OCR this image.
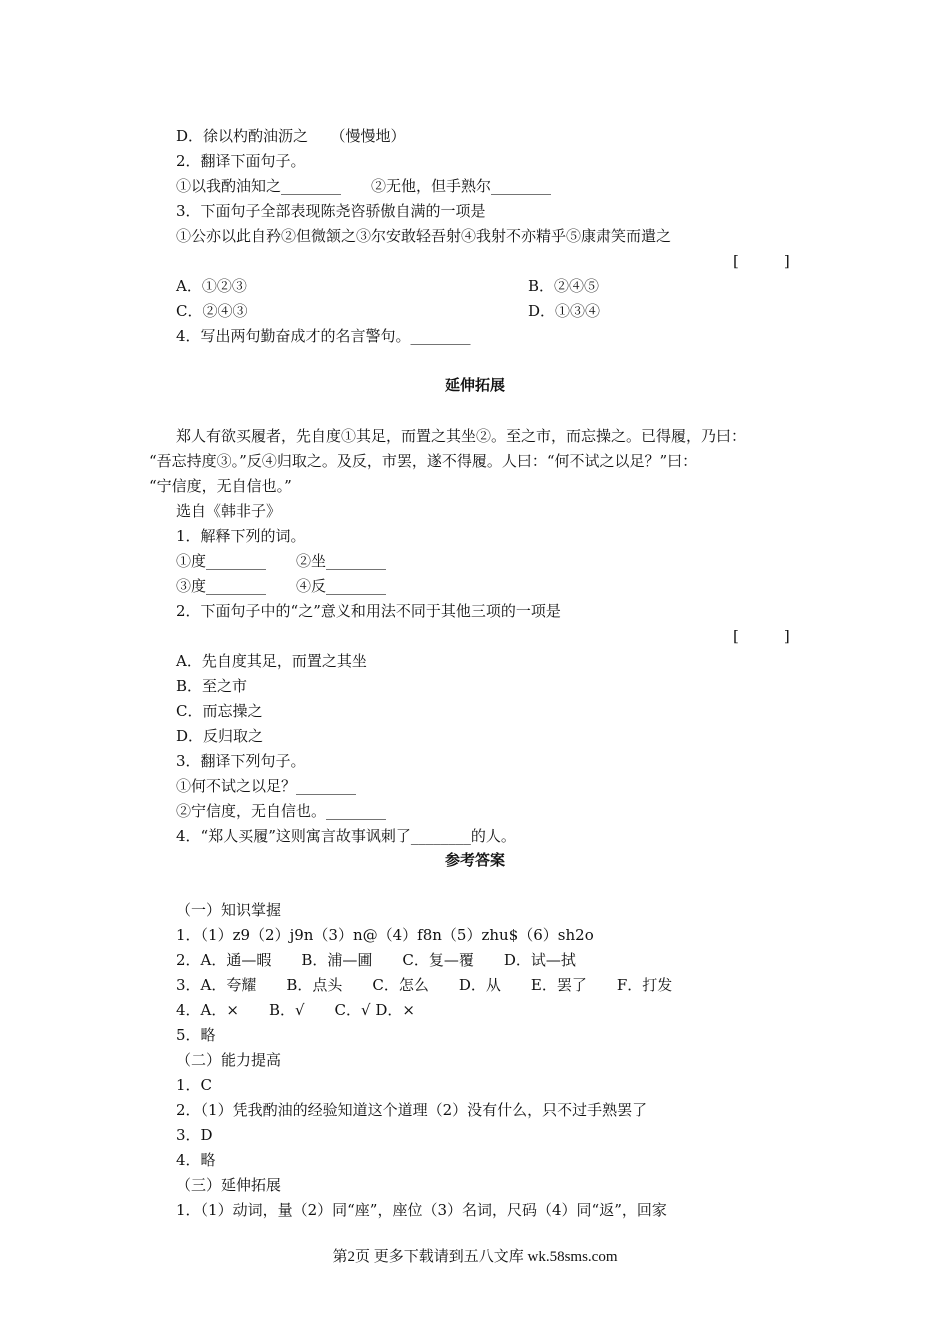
D．徐以杓酌油沥之　　（慢慢地）
2．翻译下面句子。
①以我酌油知之________　　②无他，但手熟尔________
3．下面句子全部表现陈尧咨骄傲自满的一项是
①公亦以此自矜②但微颔之③尔安敢轻吾射④我射不亦精乎⑤康肃笑而遣之
[　　　]
A．①②③	B．②④⑤
C．②④③	D．①③④
4．写出两句勤奋成才的名言警句。________
延伸拓展
郑人有欲买履者，先自度①其足，而置之其坐②。至之市，而忘操之。已得履，乃曰：
“吾忘持度③。”反④归取之。及反，市罢，遂不得履。人曰：“何不试之以足？”曰：
“宁信度，无自信也。”
选自《韩非子》
1．解释下列的词。
①度________　　②坐________
③度________　　④反________
2．下面句子中的“之”意义和用法不同于其他三项的一项是
[　　　]
A．先自度其足，而置之其坐
B．至之市
C．而忘操之
D．反归取之
3．翻译下列句子。
①何不试之以足？________
②宁信度，无自信也。________
4．“郑人买履”这则寓言故事讽刺了________的人。
参考答案
（一）知识掌握
1．（1）z9（2）j9n（3）n@（4）f8n（5）zhu$（6）sh2o
2．A．通—暇　　B．浦—圃　　C．复—覆　　D．试—拭
3．A．夸耀　　B．点头　　C．怎么　　D．从　　E．罢了　　F．打发
4．A．×　　B．√　　C．√ D．×
5．略
（二）能力提高
1．C
2．（1）凭我酌油的经验知道这个道理（2）没有什么，只不过手熟罢了
3．D
4．略
（三）延伸拓展
1．（1）动词，量（2）同“座”，座位（3）名词，尺码（4）同“返”，回家
第2页 更多下载请到五八文库 wk.58sms.com
